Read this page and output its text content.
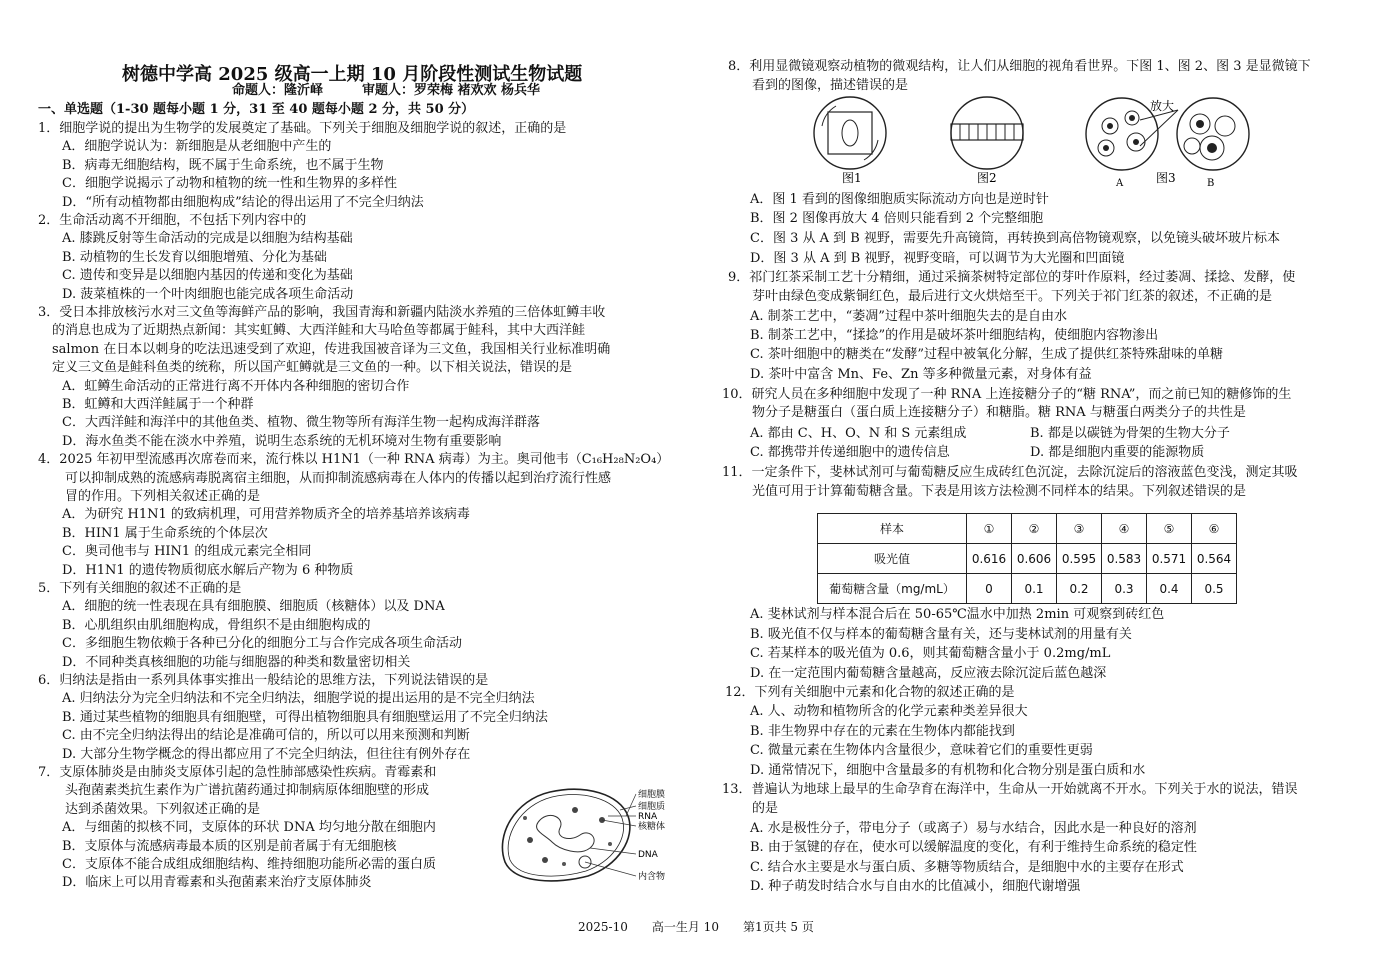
树德中学高 2025 级高一上期 10 月阶段性测试生物试题
命题人：隆沂峄　　　审题人：罗荣梅 褚欢欢 杨兵华
一、单选题（1-30 题每小题 1 分，31 至 40 题每小题 2 分，共 50 分）
1．细胞学说的提出为生物学的发展奠定了基础。下列关于细胞及细胞学说的叙述，正确的是
A．细胞学说认为：新细胞是从老细胞中产生的
B．病毒无细胞结构，既不属于生命系统，也不属于生物
C．细胞学说揭示了动物和植物的统一性和生物界的多样性
D．“所有动植物都由细胞构成”结论的得出运用了不完全归纳法
2．生命活动离不开细胞，不包括下列内容中的
A. 膝跳反射等生命活动的完成是以细胞为结构基础
B. 动植物的生长发育以细胞增殖、分化为基础
C. 遗传和变异是以细胞内基因的传递和变化为基础
D. 菠菜植株的一个叶肉细胞也能完成各项生命活动
3．受日本排放核污水对三文鱼等海鲜产品的影响，我国青海和新疆内陆淡水养殖的三倍体虹鳟丰收
的消息也成为了近期热点新闻：其实虹鳟、大西洋鲑和大马哈鱼等都属于鲑科，其中大西洋鲑
salmon 在日本以刺身的吃法迅速受到了欢迎，传进我国被音译为三文鱼，我国相关行业标准明确
定义三文鱼是鲑科鱼类的统称，所以国产虹鳟就是三文鱼的一种。以下相关说法，错误的是
A．虹鳟生命活动的正常进行离不开体内各种细胞的密切合作
B．虹鳟和大西洋鲑属于一个种群
C．大西洋鲑和海洋中的其他鱼类、植物、微生物等所有海洋生物一起构成海洋群落
D．海水鱼类不能在淡水中养殖，说明生态系统的无机环境对生物有重要影响
4．2025 年初甲型流感再次席卷而来，流行株以 H1N1（一种 RNA 病毒）为主。奥司他韦（C₁₆H₂₈N₂O₄）
可以抑制成熟的流感病毒脱离宿主细胞，从而抑制流感病毒在人体内的传播以起到治疗流行性感
冒的作用。下列相关叙述正确的是
A．为研究 H1N1 的致病机理，可用营养物质齐全的培养基培养该病毒
B．HIN1 属于生命系统的个体层次
C．奥司他韦与 HIN1 的组成元素完全相同
D．H1N1 的遗传物质彻底水解后产物为 6 种物质
5．下列有关细胞的叙述不正确的是
A．细胞的统一性表现在具有细胞膜、细胞质（核糖体）以及 DNA
B．心肌组织由肌细胞构成，骨组织不是由细胞构成的
C．多细胞生物依赖于各种已分化的细胞分工与合作完成各项生命活动
D．不同种类真核细胞的功能与细胞器的种类和数量密切相关
6．归纳法是指由一系列具体事实推出一般结论的思维方法，下列说法错误的是
A. 归纳法分为完全归纳法和不完全归纳法，细胞学说的提出运用的是不完全归纳法
B. 通过某些植物的细胞具有细胞壁，可得出植物细胞具有细胞壁运用了不完全归纳法
C. 由不完全归纳法得出的结论是准确可信的，所以可以用来预测和判断
D. 大部分生物学概念的得出都应用了不完全归纳法，但往往有例外存在
7．支原体肺炎是由肺炎支原体引起的急性肺部感染性疾病。青霉素和
头孢菌素类抗生素作为广谱抗菌药通过抑制病原体细胞壁的形成
达到杀菌效果。下列叙述正确的是
A．与细菌的拟核不同，支原体的环状 DNA 均匀地分散在细胞内
B．支原体与流感病毒最本质的区别是前者属于有无细胞核
C．支原体不能合成组成细胞结构、维持细胞功能所必需的蛋白质
D．临床上可以用青霉素和头孢菌素来治疗支原体肺炎
细胞膜
细胞质
RNA
核糖体
DNA
内含物
8．利用显微镜观察动植物的微观结构，让人们从细胞的视角看世界。下图 1、图 2、图 3 是显微镜下
看到的图像，描述错误的是
图1	图2
放大
A	图3	B
A．图 1 看到的图像细胞质实际流动方向也是逆时针
B．图 2 图像再放大 4 倍则只能看到 2 个完整细胞
C．图 3 从 A 到 B 视野，需要先升高镜筒，再转换到高倍物镜观察，以免镜头破坏玻片标本
D．图 3 从 A 到 B 视野，视野变暗，可以调节为大光圈和凹面镜
9．祁门红茶采制工艺十分精细，通过采摘茶树特定部位的芽叶作原料，经过萎凋、揉捻、发酵，使
芽叶由绿色变成紫铜红色，最后进行文火烘焙至干。下列关于祁门红茶的叙述，不正确的是
A. 制茶工艺中，“萎凋”过程中茶叶细胞失去的是自由水
B. 制茶工艺中，“揉捻”的作用是破坏茶叶细胞结构，使细胞内容物渗出
C. 茶叶细胞中的糖类在“发酵”过程中被氧化分解，生成了提供红茶特殊甜味的单糖
D. 茶叶中富含 Mn、Fe、Zn 等多种微量元素，对身体有益
10．研究人员在多种细胞中发现了一种 RNA 上连接糖分子的“糖 RNA”，而之前已知的糖修饰的生
物分子是糖蛋白（蛋白质上连接糖分子）和糖脂。糖 RNA 与糖蛋白两类分子的共性是
A. 都由 C、H、O、N 和 S 元素组成	B. 都是以碳链为骨架的生物大分子
C. 都携带并传递细胞中的遗传信息	D. 都是细胞内重要的能源物质
11．一定条件下，斐林试剂可与葡萄糖反应生成砖红色沉淀，去除沉淀后的溶液蓝色变浅，测定其吸
光值可用于计算葡萄糖含量。下表是用该方法检测不同样本的结果。下列叙述错误的是
样本	①	②	③	④	⑤	⑥
吸光值	0.616	0.606	0.595	0.583	0.571	0.564
葡萄糖含量（mg/mL）	0	0.1	0.2	0.3	0.4	0.5
A. 斐林试剂与样本混合后在 50-65℃温水中加热 2min 可观察到砖红色
B. 吸光值不仅与样本的葡萄糖含量有关，还与斐林试剂的用量有关
C. 若某样本的吸光值为 0.6，则其葡萄糖含量小于 0.2mg/mL
D. 在一定范围内葡萄糖含量越高，反应液去除沉淀后蓝色越深
12．下列有关细胞中元素和化合物的叙述正确的是
A. 人、动物和植物所含的化学元素种类差异很大
B. 非生物界中存在的元素在生物体内都能找到
C. 微量元素在生物体内含量很少，意味着它们的重要性更弱
D. 通常情况下，细胞中含量最多的有机物和化合物分别是蛋白质和水
13．普遍认为地球上最早的生命孕育在海洋中，生命从一开始就离不开水。下列关于水的说法，错误
的是
A. 水是极性分子，带电分子（或离子）易与水结合，因此水是一种良好的溶剂
B. 由于氢键的存在，使水可以缓解温度的变化，有利于维持生命系统的稳定性
C. 结合水主要是水与蛋白质、多糖等物质结合，是细胞中水的主要存在形式
D. 种子萌发时结合水与自由水的比值减小，细胞代谢增强
2025-10　　高一生月 10　　第1页共 5 页
